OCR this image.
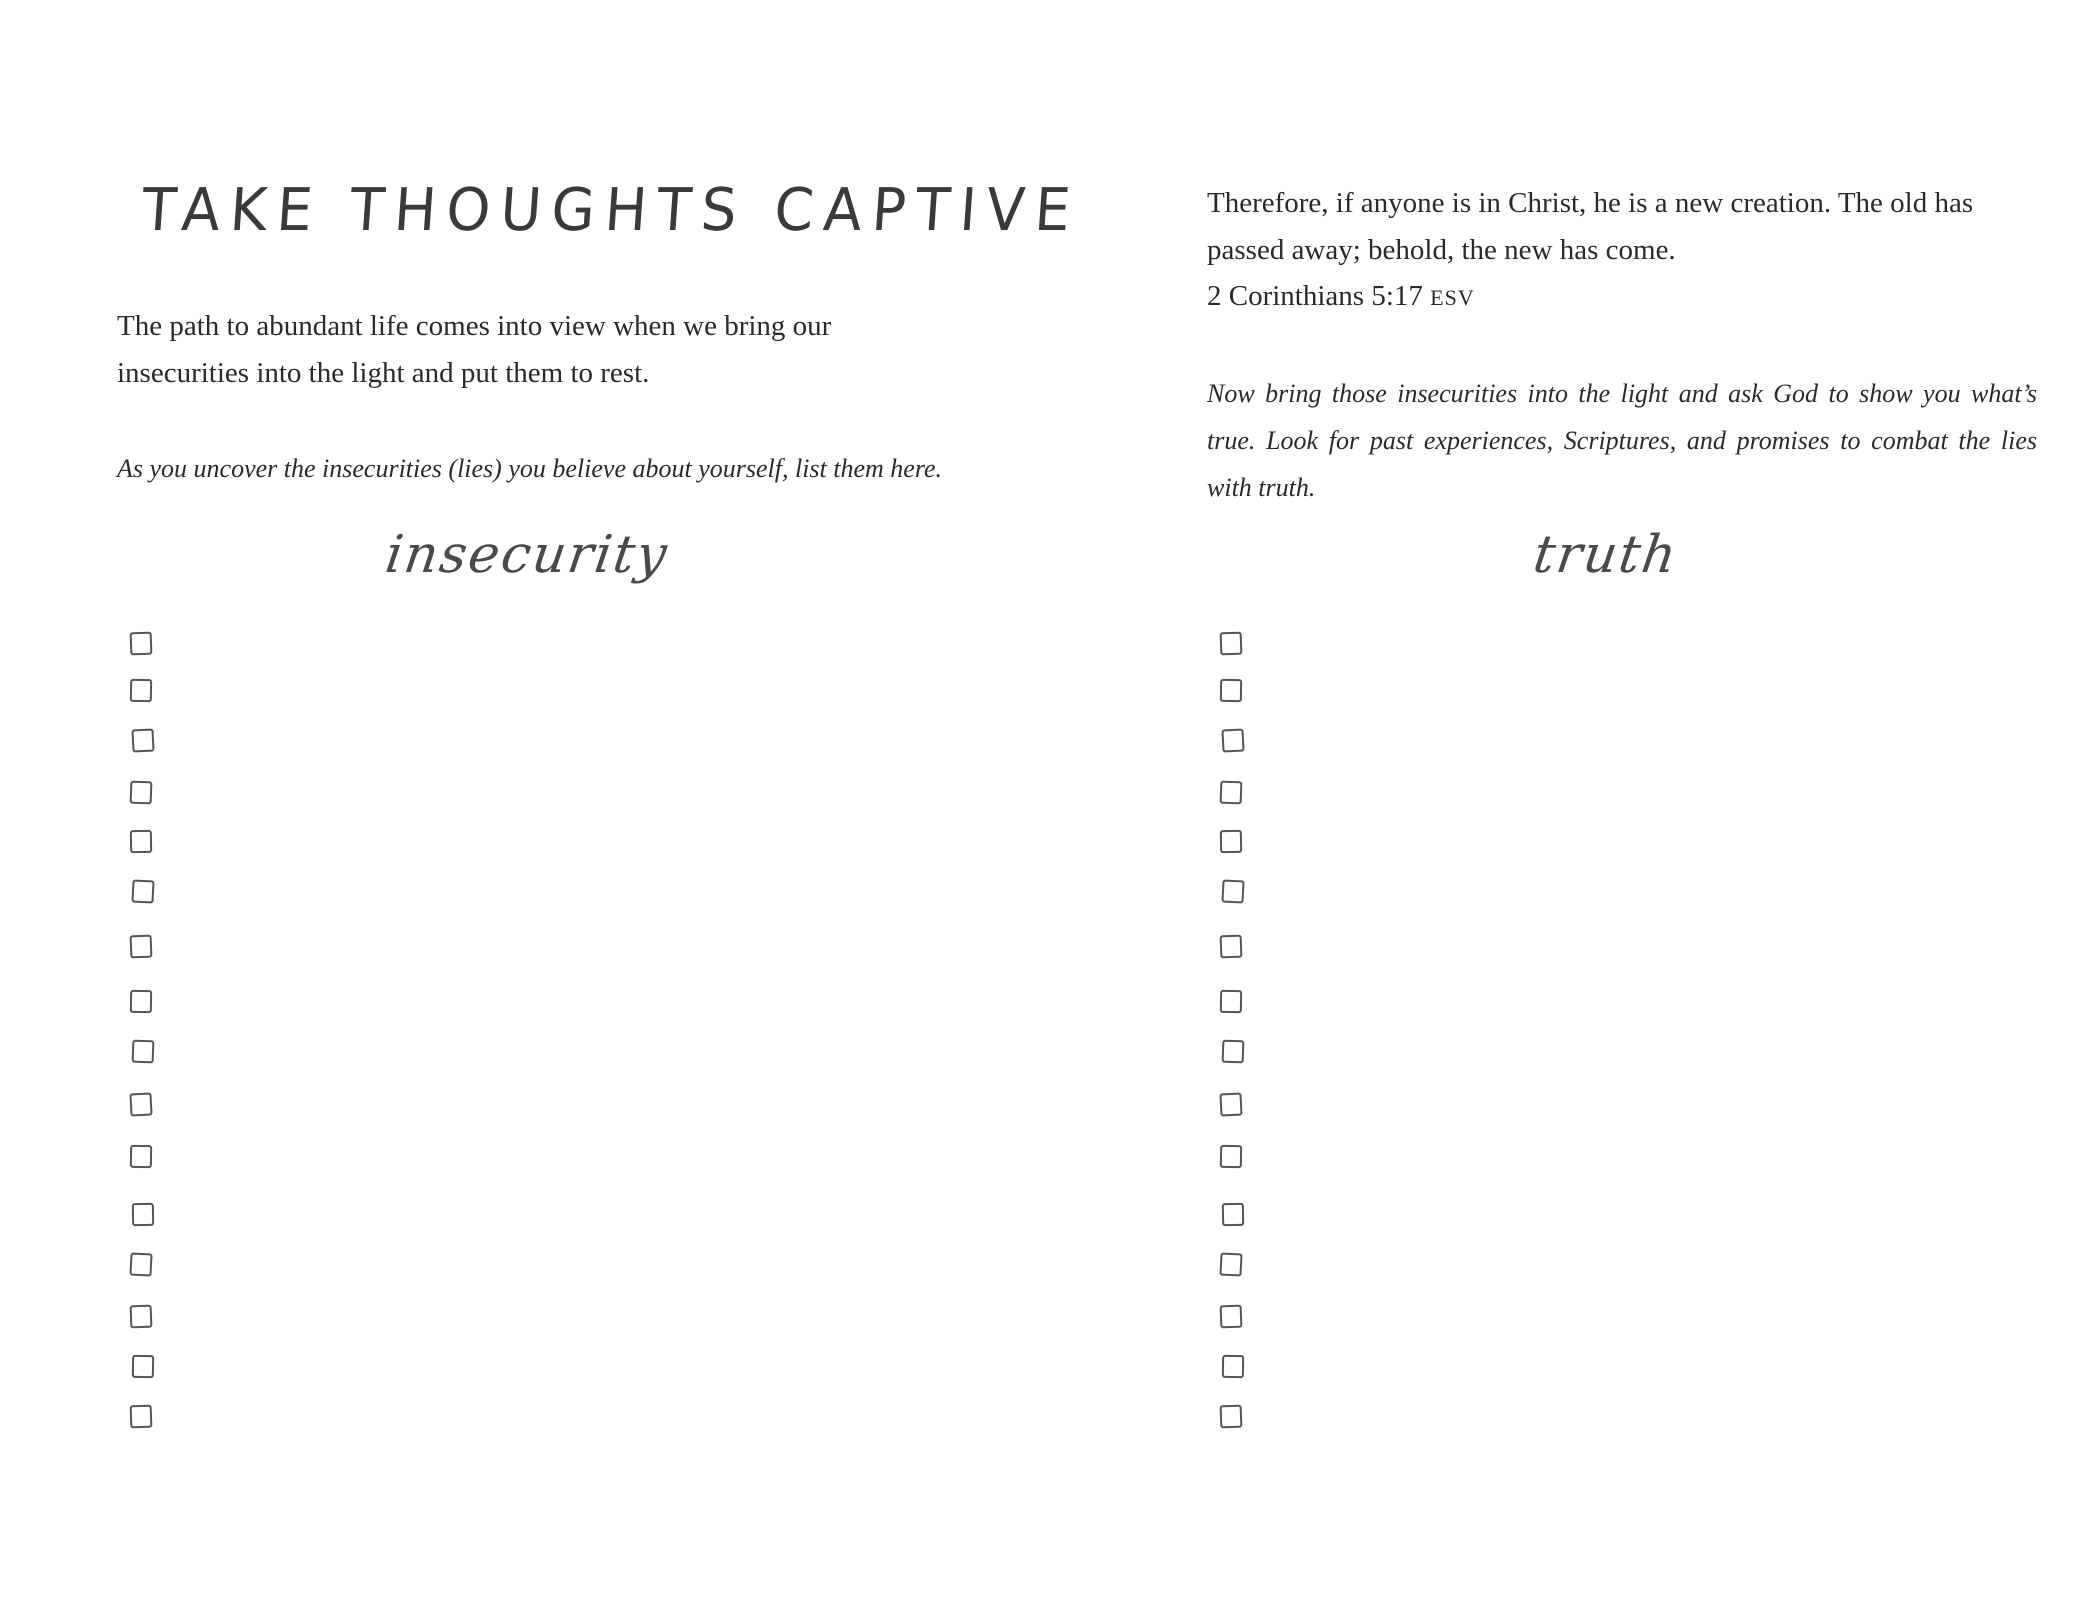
TAKE THOUGHTS CAPTIVE

The path to abundant life comes into view when we bring our insecurities into the light and put them to rest.

As you uncover the insecurities (lies) you believe about yourself, list them here.

insecurity

Therefore, if anyone is in Christ, he is a new creation. The old has passed away; behold, the new has come.

2 Corinthians 5:17 ESV

Now bring those insecurities into the light and ask God to show you what’s true. Look for past experiences, Scriptures, and promises to combat the lies with truth.

truth
